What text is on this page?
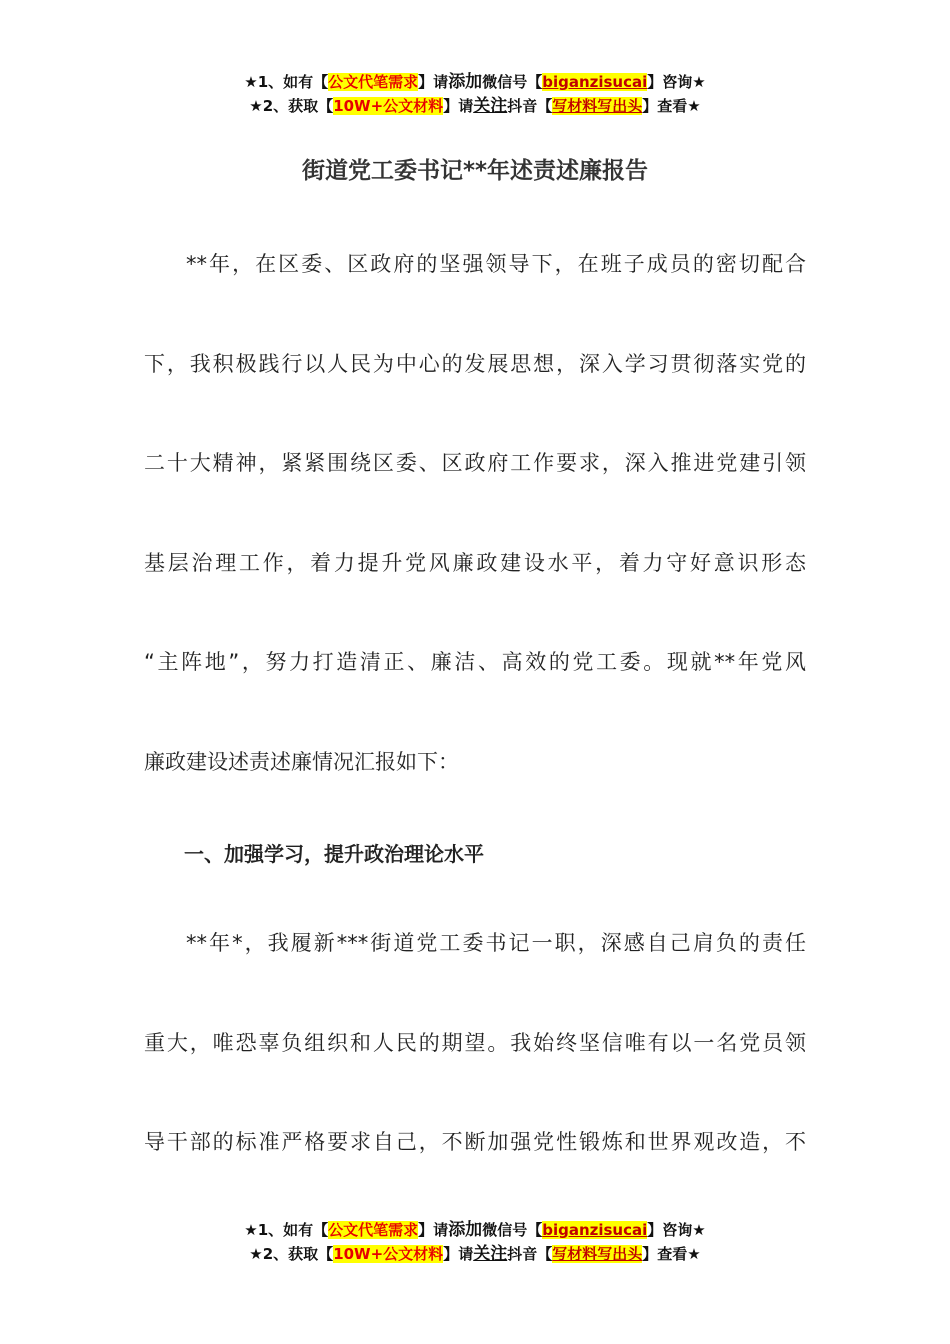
★1、如有【公文代笔需求】请添加微信号【biganzisucai】咨询★
★2、获取【10W+公文材料】请关注抖音【写材料写出头】查看★
街道党工委书记**年述责述廉报告
**年，在区委、区政府的坚强领导下，在班子成员的密切配合
下，我积极践行以人民为中心的发展思想，深入学习贯彻落实党的
二十大精神，紧紧围绕区委、区政府工作要求，深入推进党建引领
基层治理工作，着力提升党风廉政建设水平，着力守好意识形态
“主阵地”，努力打造清正、廉洁、高效的党工委。现就**年党风
廉政建设述责述廉情况汇报如下：
一、加强学习，提升政治理论水平
**年*，我履新***街道党工委书记一职，深感自己肩负的责任
重大，唯恐辜负组织和人民的期望。我始终坚信唯有以一名党员领
导干部的标准严格要求自己，不断加强党性锻炼和世界观改造，不
★1、如有【公文代笔需求】请添加微信号【biganzisucai】咨询★
★2、获取【10W+公文材料】请关注抖音【写材料写出头】查看★
